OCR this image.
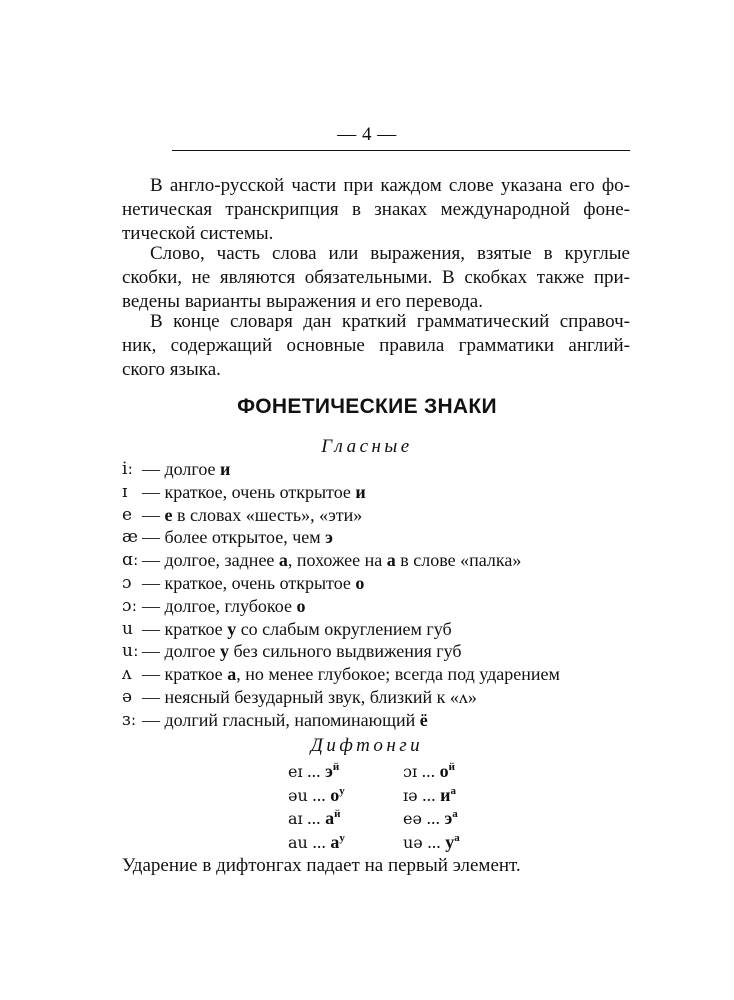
— 4 —
В англо-русской части при каждом слове указана его фо-
нетическая транскрипция в знаках международной фоне-
тической системы.
Слово, часть слова или выражения, взятые в круглые
скобки, не являются обязательными. В скобках также при-
ведены варианты выражения и его перевода.
В конце словаря дан краткий грамматический справоч-
ник, содержащий основные правила грамматики англий-
ского языка.
ФОНЕТИЧЕСКИЕ ЗНАКИ
Гласные
iː — долгое и
ɪ — краткое, очень открытое и
e — е в словах «шесть», «эти»
æ — более открытое, чем э
ɑː — долгое, заднее а, похожее на а в слове «палка»
ɔ — краткое, очень открытое о
ɔː — долгое, глубокое о
u — краткое у со слабым округлением губ
uː — долгое у без сильного выдвижения губ
ʌ — краткое а, но менее глубокое; всегда под ударением
ə — неясный безударный звук, близкий к «ʌ»
ɜː — долгий гласный, напоминающий ё
Дифтонги
eɪ ... $э^й$	ɔɪ ... $о^й$
əu ... $о^у$	ɪə ... $и^а$
aɪ ... $а^й$	eə ... $э^а$
au ... $а^у$	uə ... $у^а$
Ударение в дифтонгах падает на первый элемент.
